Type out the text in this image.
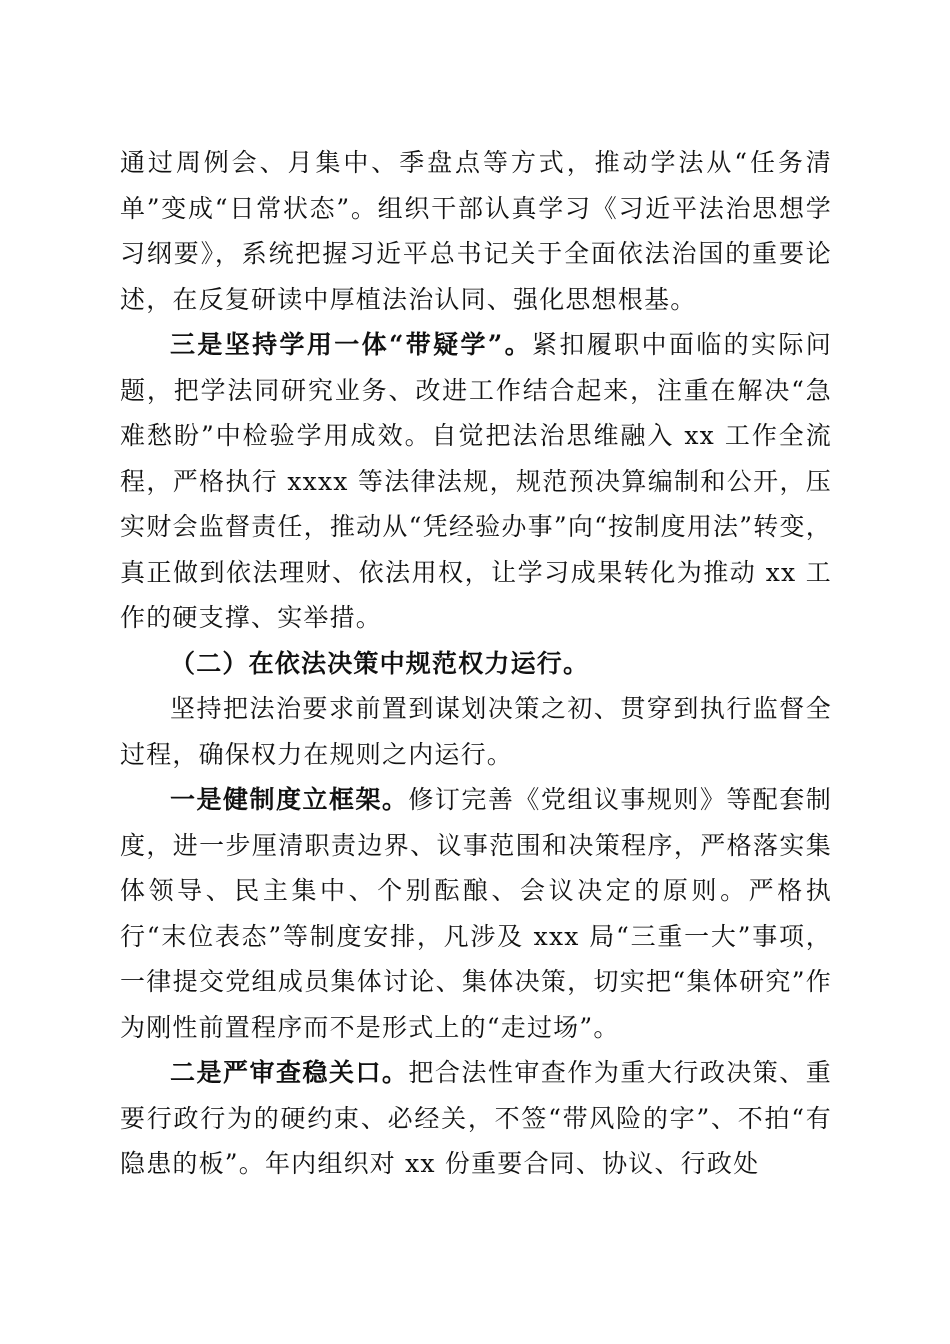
通过周例会、月集中、季盘点等方式，推动学法从“任务清单”变成“日常状态”。组织干部认真学习《习近平法治思想学习纲要》，系统把握习近平总书记关于全面依法治国的重要论述，在反复研读中厚植法治认同、强化思想根基。

三是坚持学用一体“带疑学”。紧扣履职中面临的实际问题，把学法同研究业务、改进工作结合起来，注重在解决“急难愁盼”中检验学用成效。自觉把法治思维融入 xx 工作全流程，严格执行 xxxx 等法律法规，规范预决算编制和公开，压实财会监督责任，推动从“凭经验办事”向“按制度用法”转变，真正做到依法理财、依法用权，让学习成果转化为推动 xx 工作的硬支撑、实举措。

（二）在依法决策中规范权力运行。

坚持把法治要求前置到谋划决策之初、贯穿到执行监督全过程，确保权力在规则之内运行。

一是健制度立框架。修订完善《党组议事规则》等配套制度，进一步厘清职责边界、议事范围和决策程序，严格落实集体领导、民主集中、个别酝酿、会议决定的原则。严格执行“末位表态”等制度安排，凡涉及 xxx 局“三重一大”事项，一律提交党组成员集体讨论、集体决策，切实把“集体研究”作为刚性前置程序而不是形式上的“走过场”。

二是严审查稳关口。把合法性审查作为重大行政决策、重要行政行为的硬约束、必经关，不签“带风险的字”、不拍“有隐患的板”。年内组织对 xx 份重要合同、协议、行政处
